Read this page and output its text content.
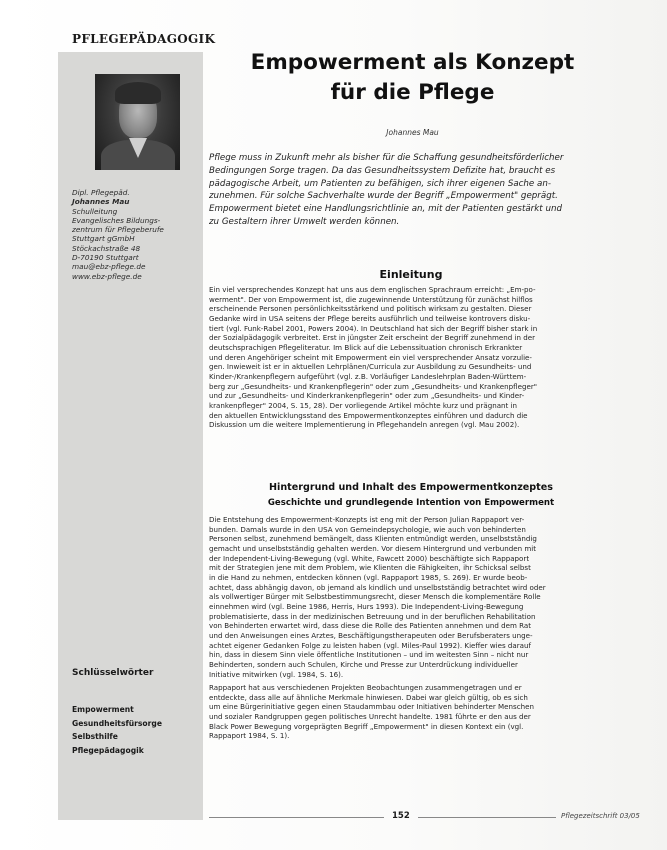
PFLEGEPÄDAGOGIK
Dipl. Pflegepäd.
Johannes Mau
Schulleitung
Evangelisches Bildungs-
zentrum für Pflegeberufe
Stuttgart gGmbH
Stöckachstraße 48
D-70190 Stuttgart
mau@ebz-pflege.de
www.ebz-pflege.de
Schlüsselwörter
Empowerment
Gesundheitsfürsorge
Selbsthilfe
Pflegepädagogik
Empowerment als Konzept
für die Pflege
Johannes Mau
Pflege muss in Zukunft mehr als bisher für die Schaffung gesundheitsförderlicher
Bedingungen Sorge tragen. Da das Gesundheitssystem Defizite hat, braucht es
pädagogische Arbeit, um Patienten zu befähigen, sich ihrer eigenen Sache an-
zunehmen. Für solche Sachverhalte wurde der Begriff „Empowerment" geprägt.
Empowerment bietet eine Handlungsrichtlinie an, mit der Patienten gestärkt und
zu Gestaltern ihrer Umwelt werden können.
Einleitung
Ein viel versprechendes Konzept hat uns aus dem englischen Sprachraum erreicht: „Em-po-
werment". Der von Empowerment ist, die zugewinnende Unterstützung für zunächst hilflos
erscheinende Personen persönlichkeitsstärkend und politisch wirksam zu gestalten. Dieser
Gedanke wird in USA seitens der Pflege bereits ausführlich und teilweise kontrovers disku-
tiert (vgl. Funk-Rabel 2001, Powers 2004). In Deutschland hat sich der Begriff bisher stark in
der Sozialpädagogik verbreitet. Erst in jüngster Zeit erscheint der Begriff zunehmend in der
deutschsprachigen Pflegeliteratur. Im Blick auf die Lebenssituation chronisch Erkrankter
und deren Angehöriger scheint mit Empowerment ein viel versprechender Ansatz vorzulie-
gen. Inwieweit ist er in aktuellen Lehrplänen/Curricula zur Ausbildung zu Gesundheits- und
Kinder-/Krankenpflegern aufgeführt (vgl. z.B. Vorläufiger Landeslehrplan Baden-Württem-
berg zur „Gesundheits- und Krankenpflegerin" oder zum „Gesundheits- und Krankenpfleger"
und zur „Gesundheits- und Kinderkrankenpflegerin" oder zum „Gesundheits- und Kinder-
krankenpfleger" 2004, S. 15, 28). Der vorliegende Artikel möchte kurz und prägnant in
den aktuellen Entwicklungsstand des Empowermentkonzeptes einführen und dadurch die
Diskussion um die weitere Implementierung in Pflegehandeln anregen (vgl. Mau 2002).
Hintergrund und Inhalt des Empowermentkonzeptes
Geschichte und grundlegende Intention von Empowerment
Die Entstehung des Empowerment-Konzepts ist eng mit der Person Julian Rappaport ver-
bunden. Damals wurde in den USA von Gemeindepsychologie, wie auch von behinderten
Personen selbst, zunehmend bemängelt, dass Klienten entmündigt werden, unselbstständig
gemacht und unselbstständig gehalten werden. Vor diesem Hintergrund und verbunden mit
der Independent-Living-Bewegung (vgl. White, Fawcett 2000) beschäftigte sich Rappaport
mit der Strategien jene mit dem Problem, wie Klienten die Fähigkeiten, ihr Schicksal selbst
in die Hand zu nehmen, entdecken können (vgl. Rappaport 1985, S. 269). Er wurde beob-
achtet, dass abhängig davon, ob jemand als kindlich und unselbstständig betrachtet wird oder
als vollwertiger Bürger mit Selbstbestimmungsrecht, dieser Mensch die komplementäre Rolle
einnehmen wird (vgl. Beine 1986, Herris, Hurs 1993). Die Independent-Living-Bewegung
problematisierte, dass in der medizinischen Betreuung und in der beruflichen Rehabilitation
von Behinderten erwartet wird, dass diese die Rolle des Patienten annehmen und dem Rat
und den Anweisungen eines Arztes, Beschäftigungstherapeuten oder Berufsberaters unge-
achtet eigener Gedanken Folge zu leisten haben (vgl. Miles-Paul 1992). Kieffer wies darauf
hin, dass in diesem Sinn viele öffentliche Institutionen – und im weitesten Sinn – nicht nur
Behinderten, sondern auch Schulen, Kirche und Presse zur Unterdrückung individueller
Initiative mitwirken (vgl. 1984, S. 16).
Rappaport hat aus verschiedenen Projekten Beobachtungen zusammengetragen und er
entdeckte, dass alle auf ähnliche Merkmale hinwiesen. Dabei war gleich gültig, ob es sich
um eine Bürgerinitiative gegen einen Staudammbau oder Initiativen behinderter Menschen
und sozialer Randgruppen gegen politisches Unrecht handelte. 1981 führte er den aus der
Black Power Bewegung vorgeprägten Begriff „Empowerment" in diesen Kontext ein (vgl.
Rappaport 1984, S. 1).
152	Pflegezeitschrift 03/05
